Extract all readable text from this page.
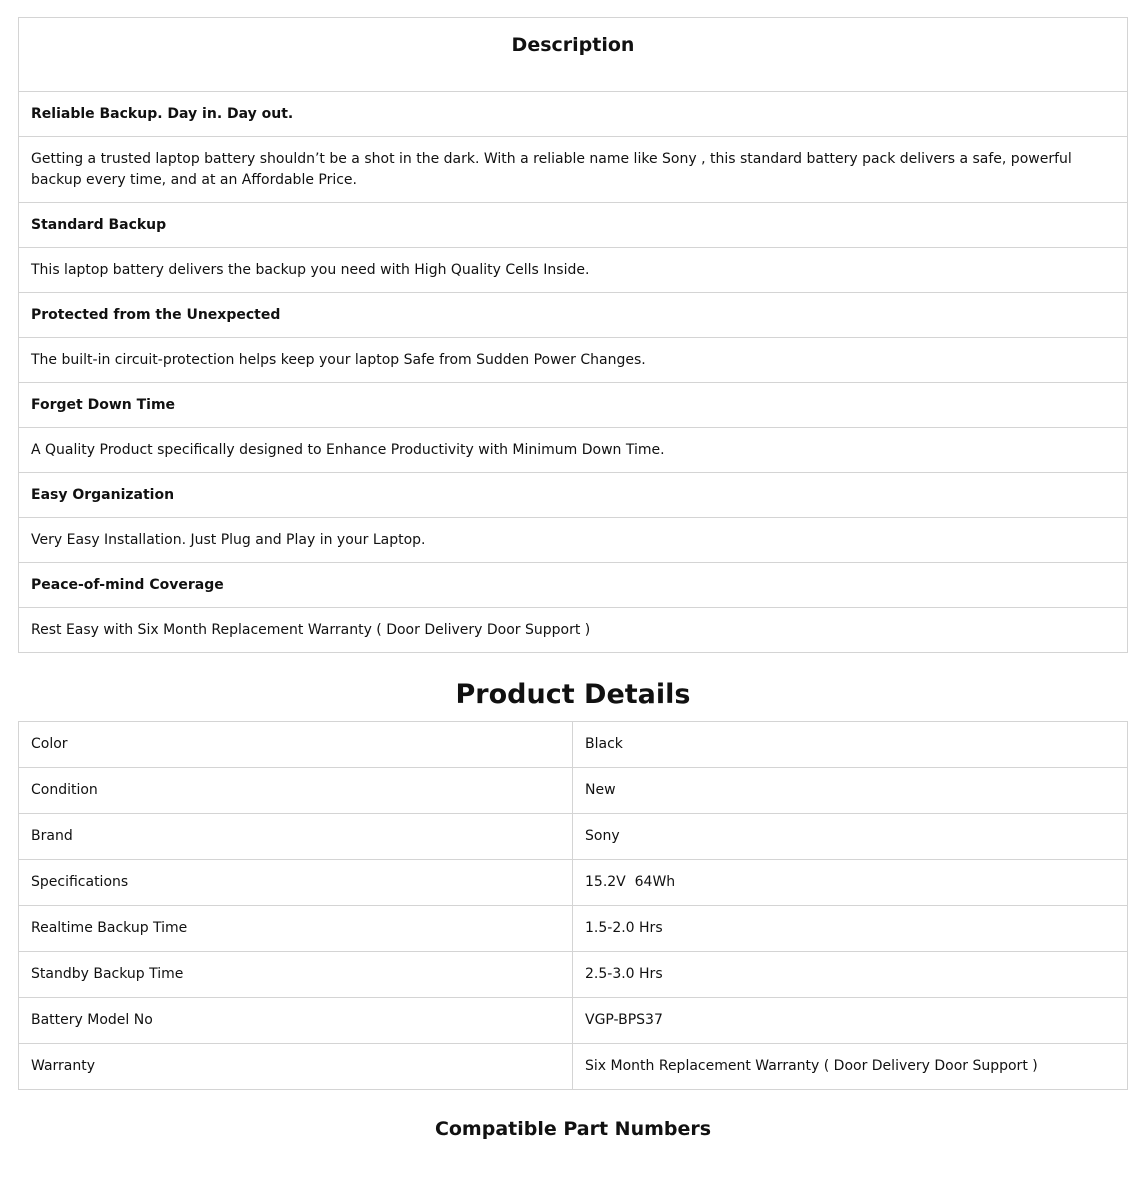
Description
Reliable Backup. Day in. Day out.
Getting a trusted laptop battery shouldn’t be a shot in the dark. With a reliable name like Sony , this standard battery pack delivers a safe, powerful backup every time, and at an Affordable Price.
Standard Backup
This laptop battery delivers the backup you need with High Quality Cells Inside.
Protected from the Unexpected
The built-in circuit-protection helps keep your laptop Safe from Sudden Power Changes.
Forget Down Time
A Quality Product specifically designed to Enhance Productivity with Minimum Down Time.
Easy Organization
Very Easy Installation. Just Plug and Play in your Laptop.
Peace-of-mind Coverage
Rest Easy with Six Month Replacement Warranty ( Door Delivery Door Support )
Product Details
Color	Black
Condition	New
Brand	Sony
Specifications	15.2V  64Wh
Realtime Backup Time	1.5-2.0 Hrs
Standby Backup Time	2.5-3.0 Hrs
Battery Model No	VGP-BPS37
Warranty	Six Month Replacement Warranty ( Door Delivery Door Support )
Compatible Part Numbers
